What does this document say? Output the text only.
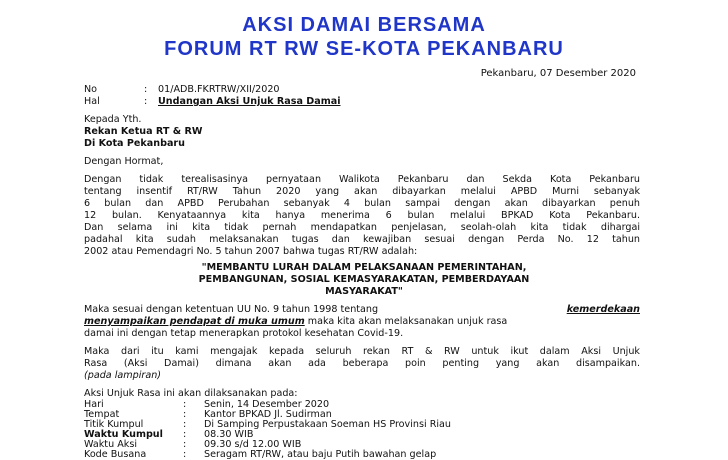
AKSI DAMAI BERSAMA
FORUM RT RW SE-KOTA PEKANBARU
Pekanbaru, 07 Desember 2020
No	: 01/ADB.FKRTRW/XII/2020
Hal	: Undangan Aksi Unjuk Rasa Damai
Kepada Yth.
Rekan Ketua RT & RW
Di Kota Pekanbaru
Dengan Hormat,
Dengan tidak terealisasinya pernyataan Walikota Pekanbaru dan Sekda Kota Pekanbaru
tentang insentif RT/RW Tahun 2020 yang akan dibayarkan melalui APBD Murni sebanyak
6 bulan dan APBD Perubahan sebanyak 4 bulan sampai dengan akan dibayarkan penuh
12 bulan. Kenyataannya kita hanya menerima 6 bulan melalui BPKAD Kota Pekanbaru.
Dan selama ini kita tidak pernah mendapatkan penjelasan, seolah-olah kita tidak dihargai
padahal kita sudah melaksanakan tugas dan kewajiban sesuai dengan Perda No. 12 tahun
2002 atau Pemendagri No. 5 tahun 2007 bahwa tugas RT/RW adalah:
"MEMBANTU LURAH DALAM PELAKSANAAN PEMERINTAHAN,
PEMBANGUNAN, SOSIAL KEMASYARAKATAN, PEMBERDAYAAN
MASYARAKAT"
Maka sesuai dengan ketentuan UU No. 9 tahun 1998 tentang	kemerdekaan
menyampaikan pendapat di muka umum maka kita akan melaksanakan unjuk rasa
damai ini dengan tetap menerapkan protokol kesehatan Covid-19.
Maka dari itu kami mengajak kepada seluruh rekan RT & RW untuk ikut dalam Aksi Unjuk
Rasa (Aksi Damai) dimana akan ada beberapa poin penting yang akan disampaikan.
(pada lampiran)
Aksi Unjuk Rasa ini akan dilaksanakan pada:
Hari	: Senin, 14 Desember 2020
Tempat	: Kantor BPKAD Jl. Sudirman
Titik Kumpul	: Di Samping Perpustakaan Soeman HS Provinsi Riau
Waktu Kumpul : 08.30 WIB
Waktu Aksi	: 09.30 s/d 12.00 WIB
Kode Busana	: Seragam RT/RW, atau baju Putih bawahan gelap
